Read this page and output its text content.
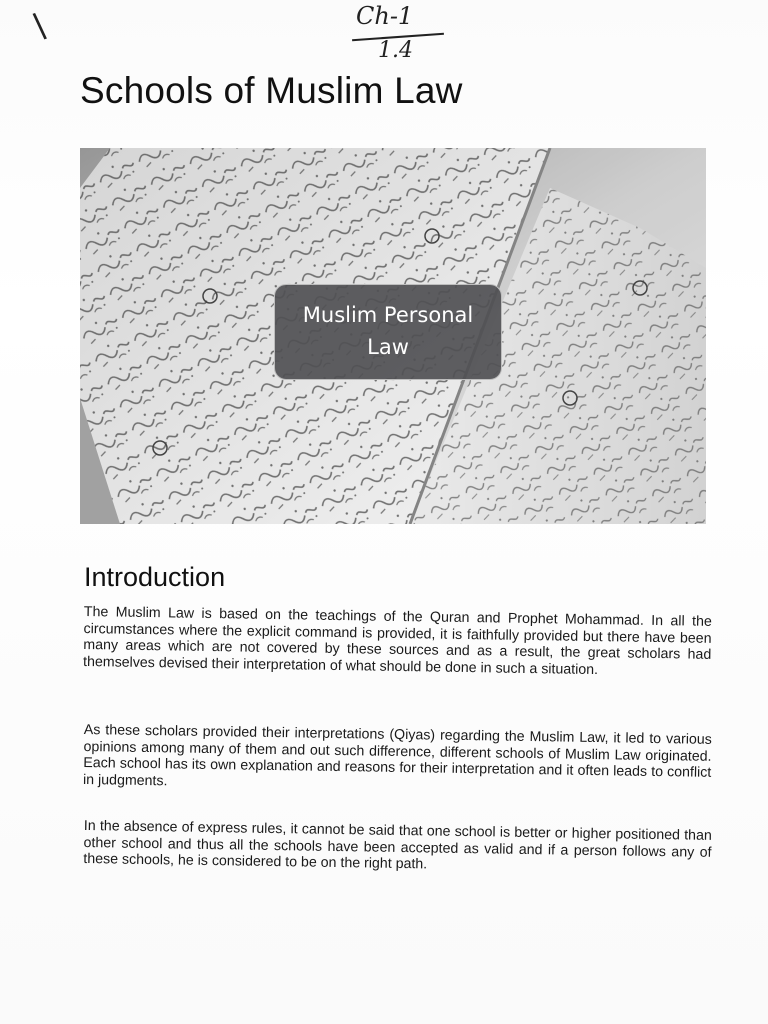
\	Ch-1
1.4
Schools of Muslim Law
Muslim Personal
Law
Introduction

The Muslim Law is based on the teachings of the Quran and Prophet Mohammad. In all the circumstances where the explicit command is provided, it is faithfully provided but there have been many areas which are not covered by these sources and as a result, the great scholars had themselves devised their interpretation of what should be done in such a situation.

As these scholars provided their interpretations (Qiyas) regarding the Muslim Law, it led to various opinions among many of them and out such difference, different schools of Muslim Law originated. Each school has its own explanation and reasons for their interpretation and it often leads to conflict in judgments.

In the absence of express rules, it cannot be said that one school is better or higher positioned than other school and thus all the schools have been accepted as valid and if a person follows any of these schools, he is considered to be on the right path.
